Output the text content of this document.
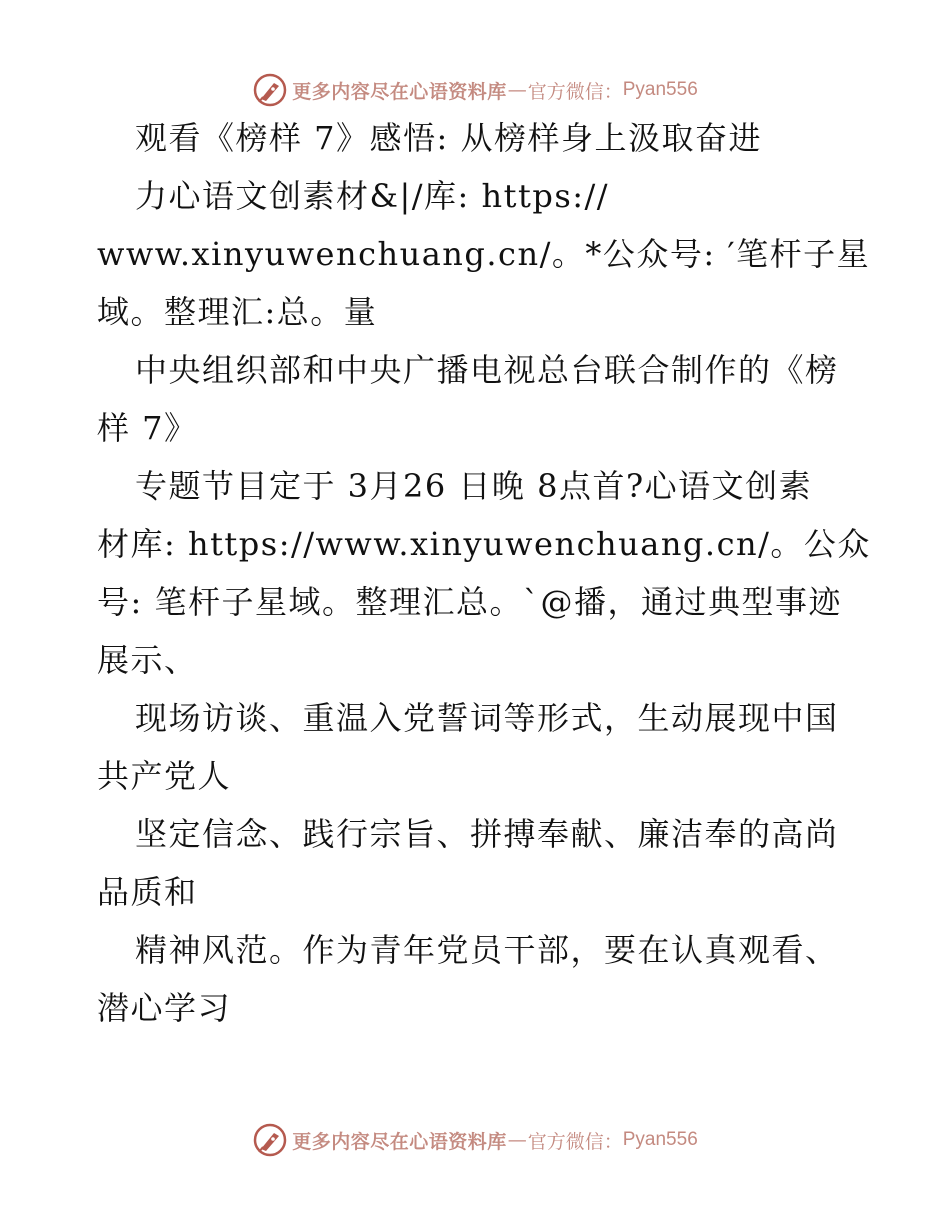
更多内容尽在心语资料库 — 官方微信： Pyan556
观看《榜样 7》感悟: 从榜样身上汲取奋进
力心语文创素材&|/库: https://
www.xinyuwenchuang.cn/。*公众号: ′笔杆子星
域。整理汇:总。量
中央组织部和中央广播电视总台联合制作的《榜
样 7》
专题节目定于 3月26 日晚 8点首?心语文创素
材库: https://www.xinyuwenchuang.cn/。公众
号: 笔杆子星域。整理汇总。`@播，通过典型事迹
展示、
现场访谈、重温入党誓词等形式，生动展现中国
共产党人
坚定信念、践行宗旨、拼搏奉献、廉洁奉的高尚
品质和
精神风范。作为青年党员干部，要在认真观看、
潜心学习
更多内容尽在心语资料库 — 官方微信： Pyan556
